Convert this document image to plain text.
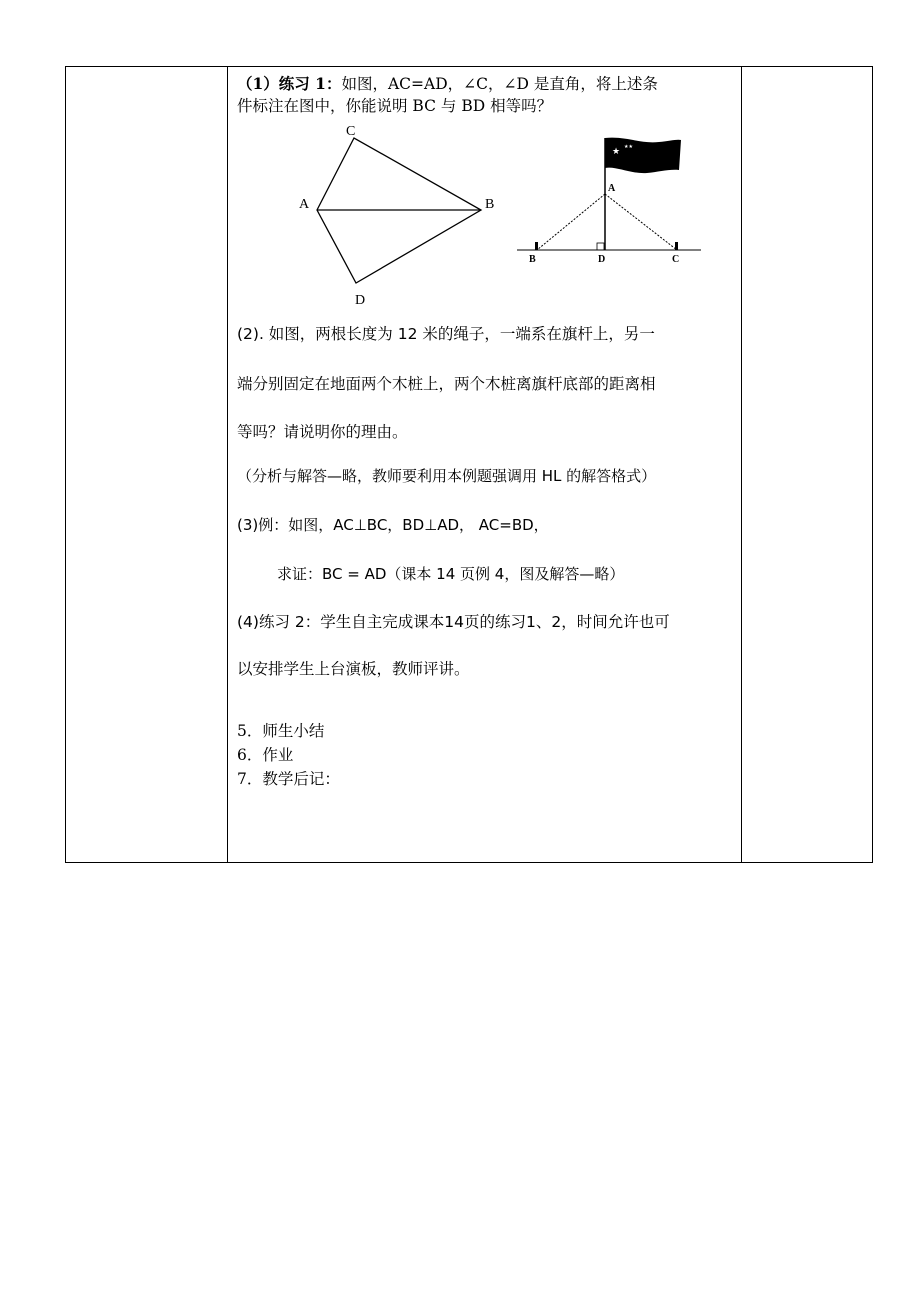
（1）练习 1：如图，AC=AD，∠C，∠D 是直角，将上述条
件标注在图中，你能说明 BC 与 BD 相等吗？
C
A	B
D
★ ★★
A
B	D	C
(2). 如图，两根长度为 12 米的绳子，一端系在旗杆上，另一
端分别固定在地面两个木桩上，两个木桩离旗杆底部的距离相
等吗？请说明你的理由。
（分析与解答—略，教师要利用本例题强调用 HL 的解答格式）
(3)例：如图，AC⊥BC，BD⊥AD， AC=BD，
求证：BC = AD（课本 14 页例 4，图及解答—略）
(4)练习 2：学生自主完成课本14页的练习1、2，时间允许也可
以安排学生上台演板，教师评讲。
5．师生小结
6．作业
7．教学后记：
